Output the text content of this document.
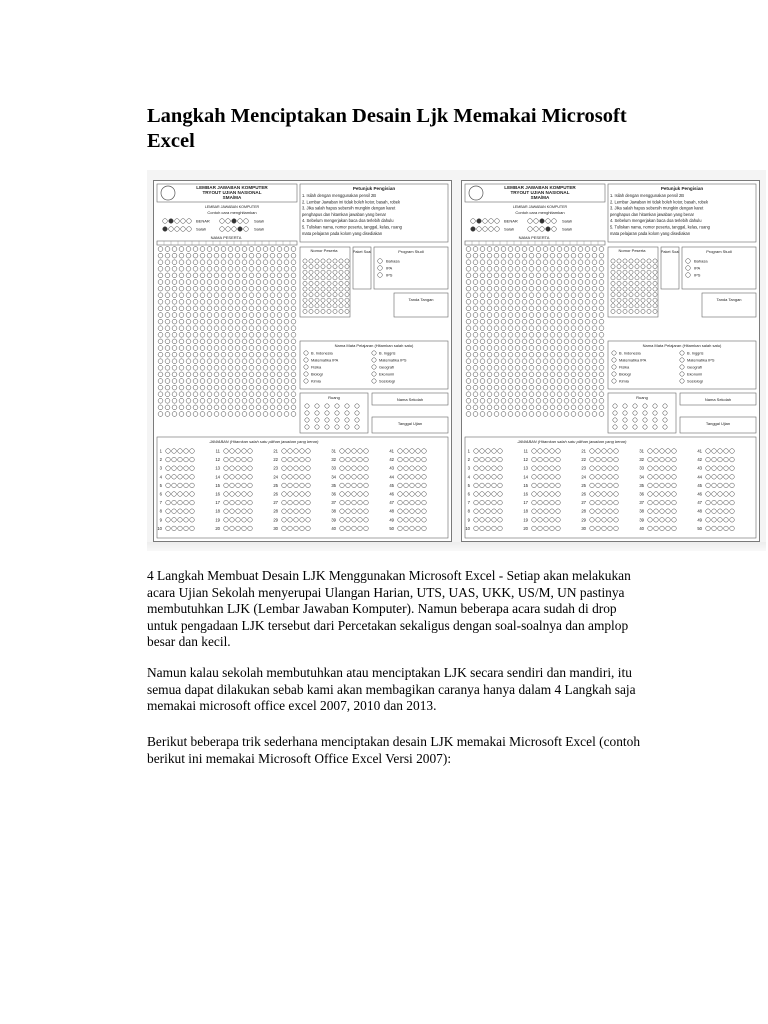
Langkah Menciptakan Desain Ljk Memakai Microsoft Excel
LEMBAR JAWABAN KOMPUTER
TRYOUT UJIAN NASIONAL
SMA/MA
LEMBAR JAWABAN KOMPUTER
Contoh cara menghitamkan
BENAR	Salah
Salah	Salah
Petunjuk Pengisian
1. Isilah dengan menggunakan pensil 2B
2. Lembar Jawaban ini tidak boleh kotor, basah, robek
3. Jika salah hapus sebersih mungkin dengan karet
penghapus dan hitamkan jawaban yang benar
4. Sebelum mengerjakan baca doa terlebih dahulu
5. Tuliskan nama, nomor peserta, tanggal, kelas, ruang
mata pelajaran pada kolom yang disediakan
NAMA PESERTA
Nomor Peserta	Paket Soal	Program Studi
Bahasa
IPA
IPS
Tanda Tangan
Nama Mata Pelajaran (Hitamkan salah satu)
B. Indonesia
Matematika IPA
Fisika
Biologi
Kimia
B. Inggris
Matematika IPS
Geografi
Ekonomi
Sosiologi
Ruang	Nama Sekolah
Tanggal Ujian
JAWABAN (Hitamkan salah satu pilihan jawaban yang benar)
1
2
3
4
5
6
7
8
9
10
11
12
13
14
15
16
17
18
19
20
21
22
23
24
25
26
27
28
29
30
31
32
33
34
35
36
37
38
39
40
41
42
43
44
45
46
47
48
49
50
LEMBAR JAWABAN KOMPUTER
TRYOUT UJIAN NASIONAL
SMA/MA
LEMBAR JAWABAN KOMPUTER
Contoh cara menghitamkan
BENAR	Salah
Salah	Salah
Petunjuk Pengisian
1. Isilah dengan menggunakan pensil 2B
2. Lembar Jawaban ini tidak boleh kotor, basah, robek
3. Jika salah hapus sebersih mungkin dengan karet
penghapus dan hitamkan jawaban yang benar
4. Sebelum mengerjakan baca doa terlebih dahulu
5. Tuliskan nama, nomor peserta, tanggal, kelas, ruang
mata pelajaran pada kolom yang disediakan
NAMA PESERTA
Nomor Peserta	Paket Soal	Program Studi
Bahasa
IPA
IPS
Tanda Tangan
Nama Mata Pelajaran (Hitamkan salah satu)
B. Indonesia
Matematika IPA
Fisika
Biologi
Kimia
B. Inggris
Matematika IPS
Geografi
Ekonomi
Sosiologi
Ruang	Nama Sekolah
Tanggal Ujian
JAWABAN (Hitamkan salah satu pilihan jawaban yang benar)
1
2
3
4
5
6
7
8
9
10
11
12
13
14
15
16
17
18
19
20
21
22
23
24
25
26
27
28
29
30
31
32
33
34
35
36
37
38
39
40
41
42
43
44
45
46
47
48
49
50

4 Langkah Membuat Desain LJK Menggunakan Microsoft Excel - Setiap akan melakukan acara Ujian Sekolah menyerupai Ulangan Harian, UTS, UAS, UKK, US/M, UN pastinya membutuhkan LJK (Lembar Jawaban Komputer). Namun beberapa acara sudah di drop untuk pengadaan LJK tersebut dari Percetakan sekaligus dengan soal-soalnya dan amplop besar dan kecil.

Namun kalau sekolah membutuhkan atau menciptakan LJK secara sendiri dan mandiri, itu semua dapat dilakukan sebab kami akan membagikan caranya hanya dalam 4 Langkah saja memakai microsoft office excel 2007, 2010 dan 2013.

Berikut beberapa trik sederhana menciptakan desain LJK memakai Microsoft Excel (contoh berikut ini memakai Microsoft Office Excel Versi 2007):
